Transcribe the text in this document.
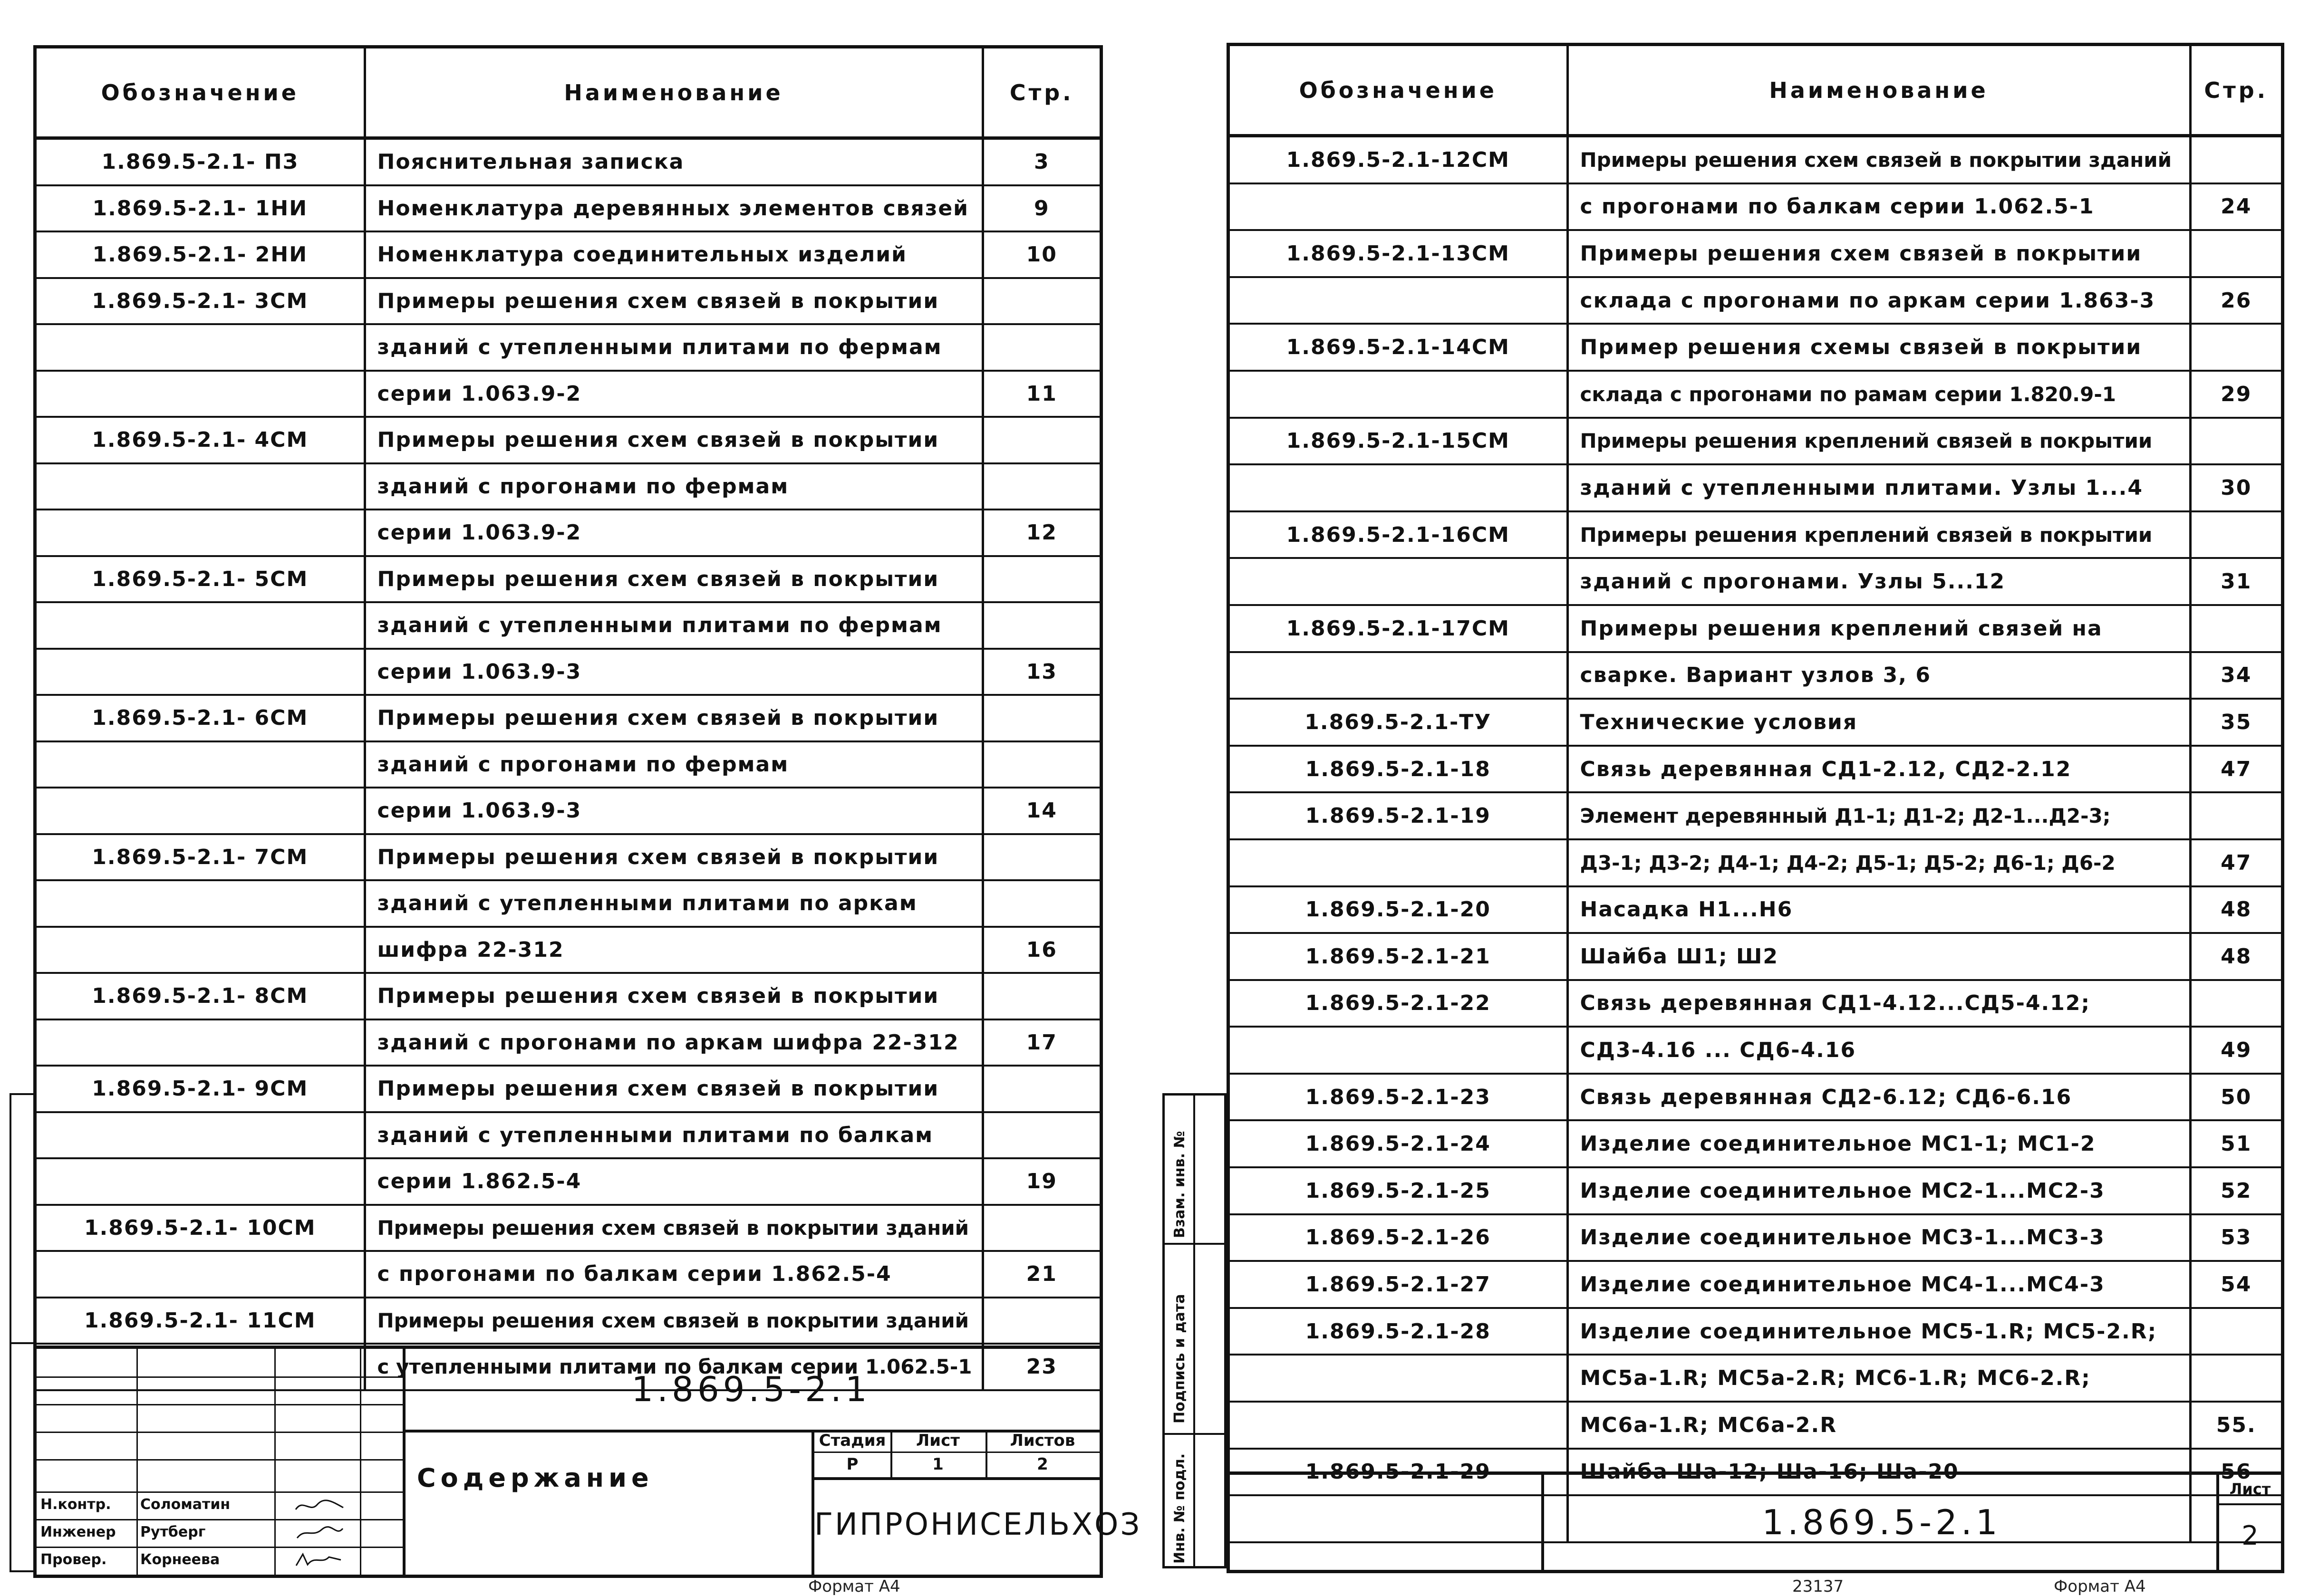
Обозначение	Наименование	Стр.
1.869.5-2.1- ПЗ	Пояснительная записка	3
1.869.5-2.1- 1НИ	Номенклатура деревянных элементов связей	9
1.869.5-2.1- 2НИ	Номенклатура соединительных изделий	10
1.869.5-2.1- 3СМ	Примеры решения схем связей в покрытии	
	зданий с утепленными плитами по фермам	
	серии 1.063.9-2	11
1.869.5-2.1- 4СМ	Примеры решения схем связей в покрытии	
	зданий с прогонами по фермам	
	серии 1.063.9-2	12
1.869.5-2.1- 5СМ	Примеры решения схем связей в покрытии	
	зданий с утепленными плитами по фермам	
	серии 1.063.9-3	13
1.869.5-2.1- 6СМ	Примеры решения схем связей в покрытии	
	зданий с прогонами по фермам	
	серии 1.063.9-3	14
1.869.5-2.1- 7СМ	Примеры решения схем связей в покрытии	
	зданий с утепленными плитами по аркам	
	шифра 22-312	16
1.869.5-2.1- 8СМ	Примеры решения схем связей в покрытии	
	зданий с прогонами по аркам шифра 22-312	17
1.869.5-2.1- 9СМ	Примеры решения схем связей в покрытии	
	зданий с утепленными плитами по балкам	
	серии 1.862.5-4	19
1.869.5-2.1- 10СМ	Примеры решения схем связей в покрытии зданий	
	с прогонами по балкам серии 1.862.5-4	21
1.869.5-2.1- 11СМ	Примеры решения схем связей в покрытии зданий	
	с утепленными плитами по балкам серии 1.062.5-1	23
Н.контр. Соломатин
Инженер Рутберг
Провер. Корнеева
1.869.5-2.1
Содержание
Стадия
Р
Лист
1
Листов
2
ГИПРОНИСЕЛЬХОЗ
Формат А4
Взам. инв. №
Подпись и дата
Инв. № подл.
Обозначение	Наименование	Стр.
1.869.5-2.1-12СМ	Примеры решения схем связей в покрытии зданий	
	с прогонами по балкам серии 1.062.5-1	24
1.869.5-2.1-13СМ	Примеры решения схем связей в покрытии	
	склада с прогонами по аркам серии 1.863-3	26
1.869.5-2.1-14СМ	Пример решения схемы связей в покрытии	
	склада с прогонами по рамам серии 1.820.9-1	29
1.869.5-2.1-15СМ	Примеры решения креплений связей в покрытии	
	зданий с утепленными плитами. Узлы 1...4	30
1.869.5-2.1-16СМ	Примеры решения креплений связей в покрытии	
	зданий с прогонами. Узлы 5...12	31
1.869.5-2.1-17СМ	Примеры решения креплений связей на	
	сварке. Вариант узлов 3, 6	34
1.869.5-2.1-ТУ	Технические условия	35
1.869.5-2.1-18	Связь деревянная СД1-2.12, СД2-2.12	47
1.869.5-2.1-19	Элемент деревянный Д1-1; Д1-2; Д2-1...Д2-3;	
	Д3-1; Д3-2; Д4-1; Д4-2; Д5-1; Д5-2; Д6-1; Д6-2	47
1.869.5-2.1-20	Насадка Н1...Н6	48
1.869.5-2.1-21	Шайба Ш1; Ш2	48
1.869.5-2.1-22	Связь деревянная СД1-4.12...СД5-4.12;	
	СД3-4.16 ... СД6-4.16	49
1.869.5-2.1-23	Связь деревянная СД2-6.12; СД6-6.16	50
1.869.5-2.1-24	Изделие соединительное МС1-1; МС1-2	51
1.869.5-2.1-25	Изделие соединительное МС2-1...МС2-3	52
1.869.5-2.1-26	Изделие соединительное МС3-1...МС3-3	53
1.869.5-2.1-27	Изделие соединительное МС4-1...МС4-3	54
1.869.5-2.1-28	Изделие соединительное МС5-1.R; МС5-2.R;	
	МС5а-1.R; МС5а-2.R; МС6-1.R; МС6-2.R;	
	МС6а-1.R; МС6а-2.R	55.
1.869.5-2.1-29	Шайба Ша-12; Ша-16; Ша-20	56

1.869.5-2.1
Лист
2
23137	Формат А4
